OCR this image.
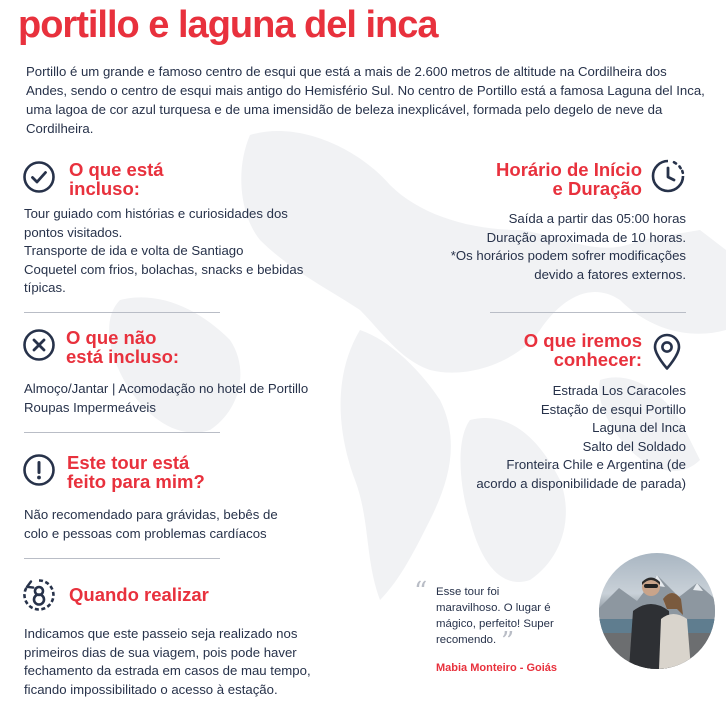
portillo e laguna del inca

Portillo é um grande e famoso centro de esqui que está a mais de 2.600 metros de altitude na Cordilheira dos Andes, sendo o centro de esqui mais antigo do Hemisfério Sul. No centro de Portillo está a famosa Laguna del Inca, uma lagoa de cor azul turquesa e de uma imensidão de beleza inexplicável, formada pelo degelo de neve da Cordilheira.

O que está
incluso:

Tour guiado com histórias e curiosidades dos
pontos visitados.
Transporte de ida e volta de Santiago
Coquetel com frios, bolachas, snacks e bebidas
típicas.

O que não
está incluso:

Almoço/Jantar | Acomodação no hotel de Portillo
Roupas Impermeáveis

Este tour está
feito para mim?

Não recomendado para grávidas, bebês de
colo e pessoas com problemas cardíacos

Quando realizar

Indicamos que este passeio seja realizado nos
primeiros dias de sua viagem, pois pode haver
fechamento da estrada em casos de mau tempo,
ficando impossibilitado o acesso à estação.

Horário de Início
e Duração

Saída a partir das 05:00 horas
Duração aproximada de 10 horas.
*Os horários podem sofrer modificações
devido a fatores externos.

O que iremos
conhecer:

Estrada Los Caracoles
Estação de esqui Portillo
Laguna del Inca
Salto del Soldado
Fronteira Chile e Argentina (de
acordo a disponibilidade de parada)

“ Esse tour foi
maravilhoso. O lugar é
mágico, perfeito! Super
recomendo. ”
Mabia Monteiro - Goiás
